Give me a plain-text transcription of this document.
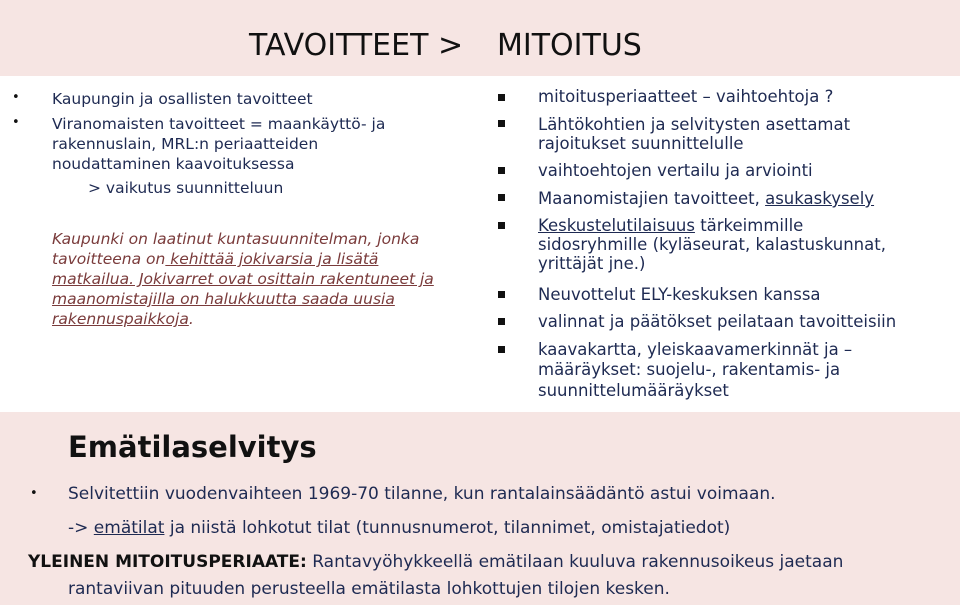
TAVOITTEET > MITOITUS
• Kaupungin ja osallisten tavoitteet
• Viranomaisten tavoitteet = maankäyttö- ja
rakennuslain, MRL:n periaatteiden
noudattaminen kaavoituksessa
> vaikutus suunnitteluun
Kaupunki on laatinut kuntasuunnitelman, jonka
tavoitteena on kehittää jokivarsia ja lisätä
matkailua. Jokivarret ovat osittain rakentuneet ja
maanomistajilla on halukkuutta saada uusia
rakennuspaikkoja.
mitoitusperiaatteet – vaihtoehtoja ?
Lähtökohtien ja selvitysten asettamat
rajoitukset suunnittelulle
vaihtoehtojen vertailu ja arviointi
Maanomistajien tavoitteet, asukaskysely
Keskustelutilaisuus tärkeimmille
sidosryhmille (kyläseurat, kalastuskunnat,
yrittäjät jne.)
Neuvottelut ELY-keskuksen kanssa
valinnat ja päätökset peilataan tavoitteisiin
kaavakartta, yleiskaavamerkinnät ja –
määräykset: suojelu-, rakentamis- ja
suunnittelumääräykset
Emätilaselvitys
• Selvitettiin vuodenvaihteen 1969-70 tilanne, kun rantalainsäädäntö astui voimaan.
-> emätilat ja niistä lohkotut tilat (tunnusnumerot, tilannimet, omistajatiedot)
YLEINEN MITOITUSPERIAATE: Rantavyöhykkeellä emätilaan kuuluva rakennusoikeus jaetaan
rantaviivan pituuden perusteella emätilasta lohkottujen tilojen kesken.
